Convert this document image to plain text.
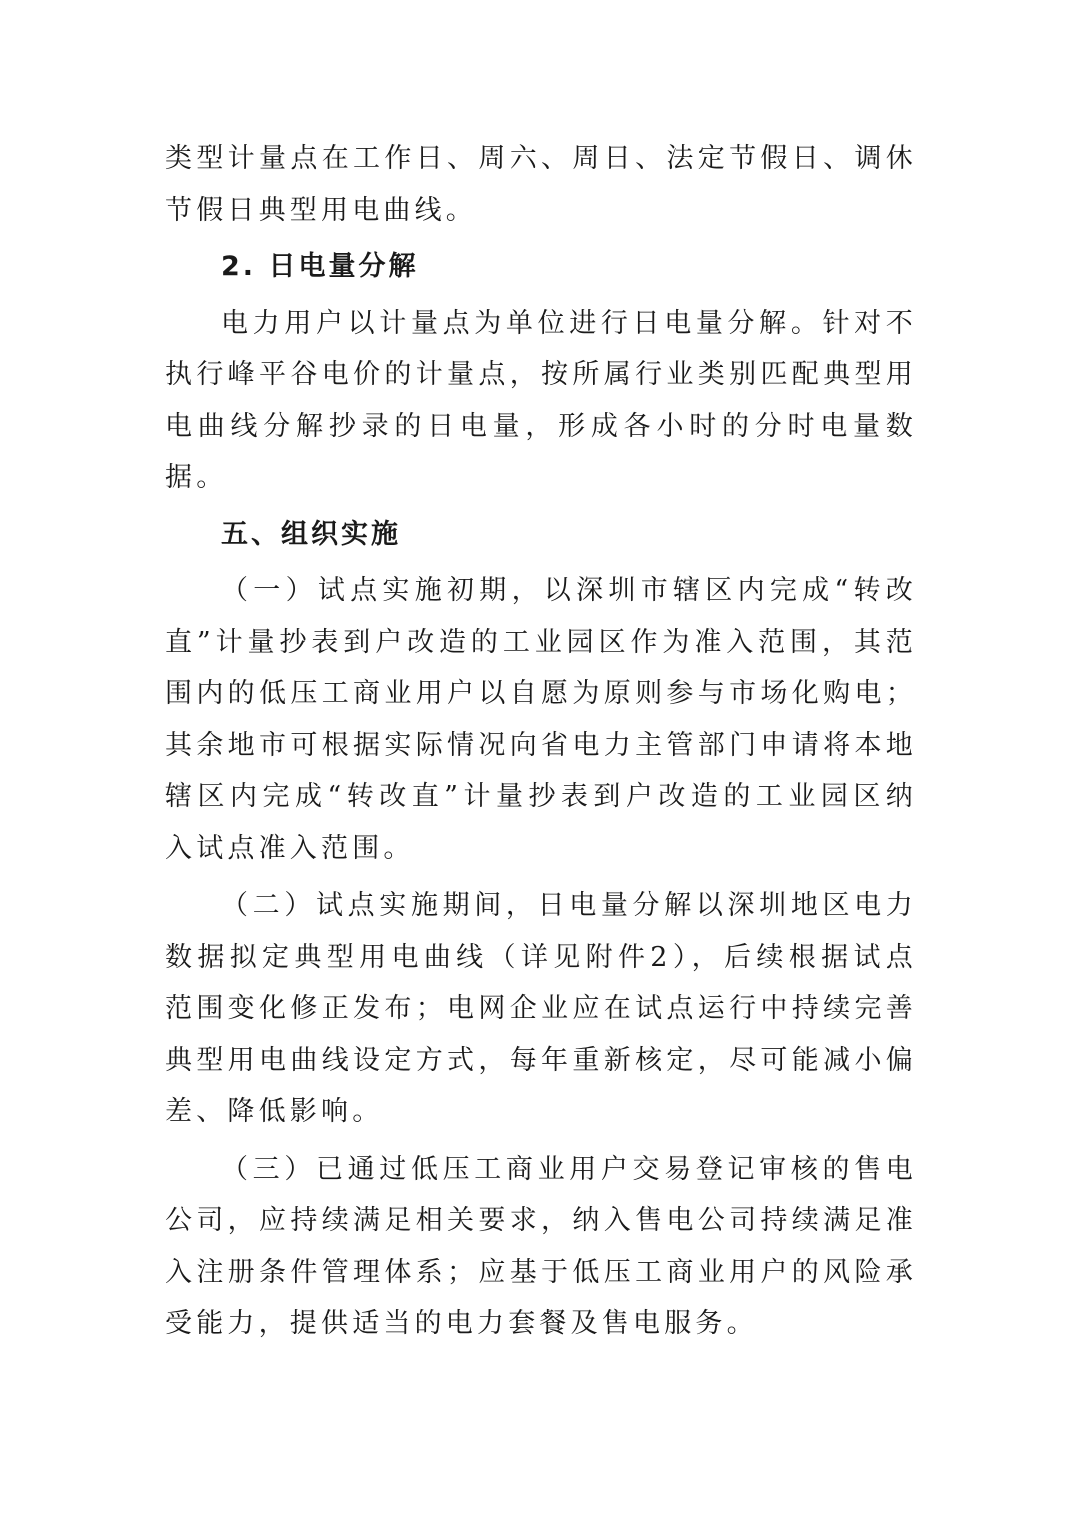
类型计量点在工作日、周六、周日、法定节假日、调休节假日典型用电曲线。

2. 日电量分解

电力用户以计量点为单位进行日电量分解。针对不执行峰平谷电价的计量点，按所属行业类别匹配典型用电曲线分解抄录的日电量，形成各小时的分时电量数据。

五、组织实施

（一）试点实施初期，以深圳市辖区内完成“转改直”计量抄表到户改造的工业园区作为准入范围，其范围内的低压工商业用户以自愿为原则参与市场化购电；其余地市可根据实际情况向省电力主管部门申请将本地辖区内完成“转改直”计量抄表到户改造的工业园区纳入试点准入范围。

（二）试点实施期间，日电量分解以深圳地区电力数据拟定典型用电曲线（详见附件2），后续根据试点范围变化修正发布；电网企业应在试点运行中持续完善典型用电曲线设定方式，每年重新核定，尽可能减小偏差、降低影响。

（三）已通过低压工商业用户交易登记审核的售电公司，应持续满足相关要求，纳入售电公司持续满足准入注册条件管理体系；应基于低压工商业用户的风险承受能力，提供适当的电力套餐及售电服务。
